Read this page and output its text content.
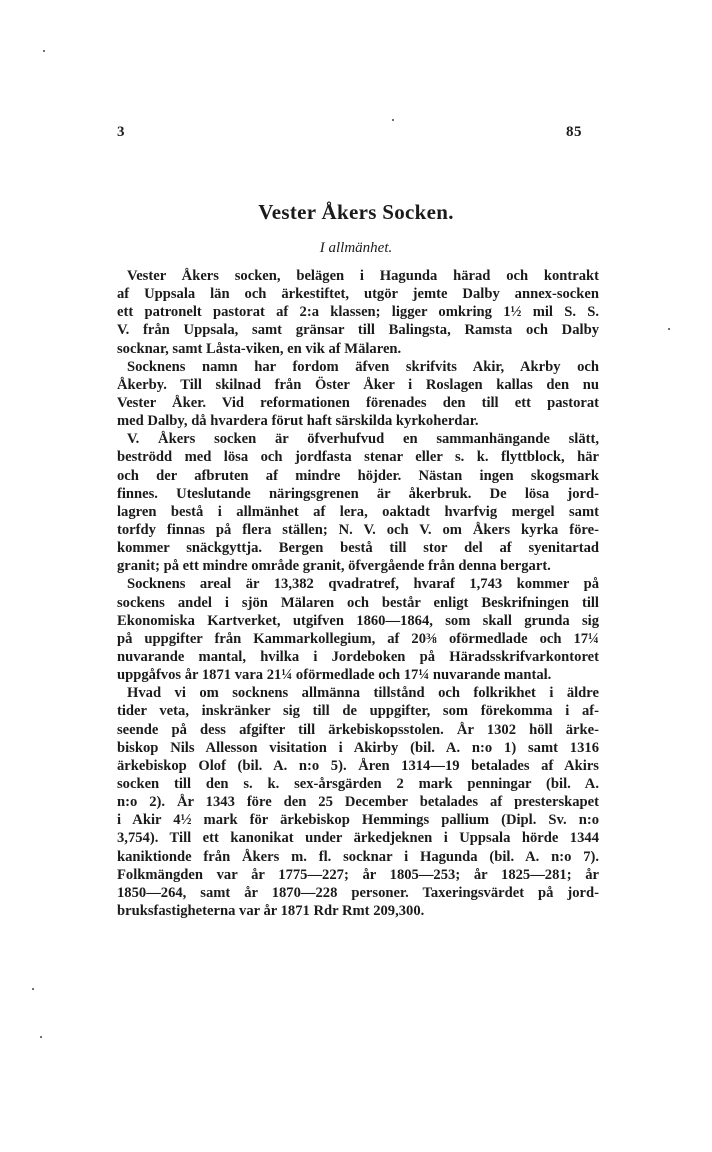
3	85
Vester Åkers Socken.
I allmänhet.
Vester Åkers socken, belägen i Hagunda härad och kontrakt
af Uppsala län och ärkestiftet, utgör jemte Dalby annex-socken
ett patronelt pastorat af 2:a klassen; ligger omkring 1½ mil S. S.
V. från Uppsala, samt gränsar till Balingsta, Ramsta och Dalby
socknar, samt Låsta-viken, en vik af Mälaren.
Socknens namn har fordom äfven skrifvits Akir, Akrby och
Åkerby. Till skilnad från Öster Åker i Roslagen kallas den nu
Vester Åker. Vid reformationen förenades den till ett pastorat
med Dalby, då hvardera förut haft särskilda kyrkoherdar.
V. Åkers socken är öfverhufvud en sammanhängande slätt,
beströdd med lösa och jordfasta stenar eller s. k. flyttblock, här
och der afbruten af mindre höjder. Nästan ingen skogsmark
finnes. Uteslutande näringsgrenen är åkerbruk. De lösa jord-
lagren bestå i allmänhet af lera, oaktadt hvarfvig mergel samt
torfdy finnas på flera ställen; N. V. och V. om Åkers kyrka före-
kommer snäckgyttja. Bergen bestå till stor del af syenitartad
granit; på ett mindre område granit, öfvergående från denna bergart.
Socknens areal är 13,382 qvadratref, hvaraf 1,743 kommer på
sockens andel i sjön Mälaren och består enligt Beskrifningen till
Ekonomiska Kartverket, utgifven 1860—1864, som skall grunda sig
på uppgifter från Kammarkollegium, af 20⅜ oförmedlade och 17¼
nuvarande mantal, hvilka i Jordeboken på Häradsskrifvarkontoret
uppgåfvos år 1871 vara 21¼ oförmedlade och 17¼ nuvarande mantal.
Hvad vi om socknens allmänna tillstånd och folkrikhet i äldre
tider veta, inskränker sig till de uppgifter, som förekomma i af-
seende på dess afgifter till ärkebiskopsstolen. År 1302 höll ärke-
biskop Nils Allesson visitation i Akirby (bil. A. n:o 1) samt 1316
ärkebiskop Olof (bil. A. n:o 5). Åren 1314—19 betalades af Akirs
socken till den s. k. sex-årsgärden 2 mark penningar (bil. A.
n:o 2). År 1343 före den 25 December betalades af presterskapet
i Akir 4½ mark för ärkebiskop Hemmings pallium (Dipl. Sv. n:o
3,754). Till ett kanonikat under ärkedjeknen i Uppsala hörde 1344
kaniktionde från Åkers m. fl. socknar i Hagunda (bil. A. n:o 7).
Folkmängden var år 1775—227; år 1805—253; år 1825—281; år
1850—264, samt år 1870—228 personer. Taxeringsvärdet på jord-
bruksfastigheterna var år 1871 Rdr Rmt 209,300.
